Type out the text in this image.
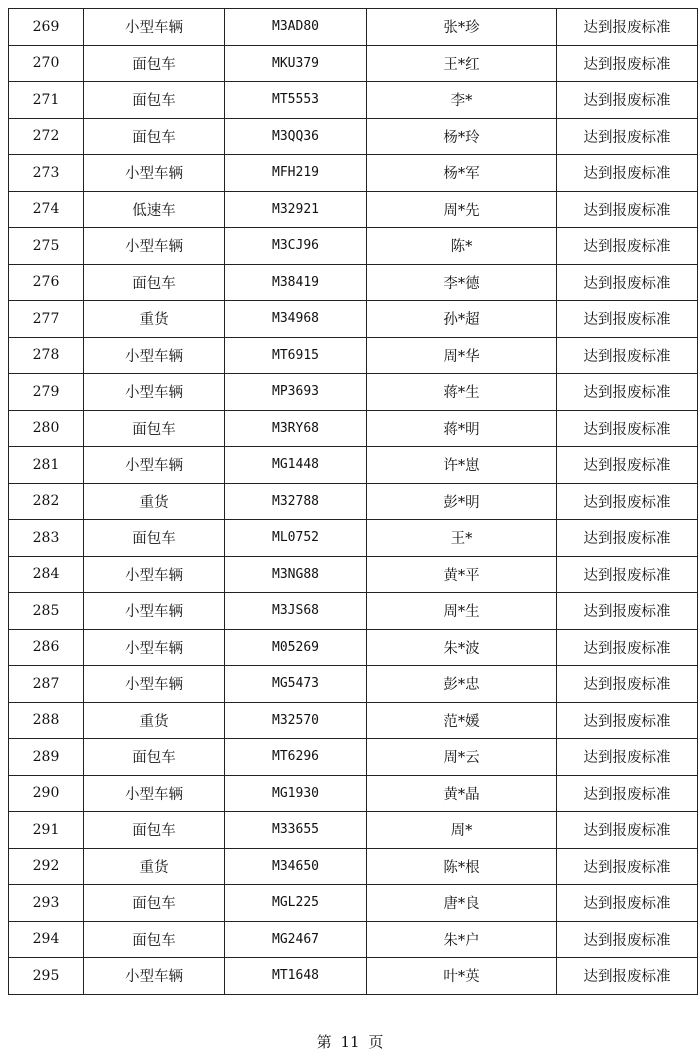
269	小型车辆	M3AD80	张*珍	达到报废标准
270	面包车	MKU379	王*红	达到报废标准
271	面包车	MT5553	李*	达到报废标准
272	面包车	M3QQ36	杨*玲	达到报废标准
273	小型车辆	MFH219	杨*军	达到报废标准
274	低速车	M32921	周*先	达到报废标准
275	小型车辆	M3CJ96	陈*	达到报废标准
276	面包车	M38419	李*德	达到报废标准
277	重货	M34968	孙*超	达到报废标准
278	小型车辆	MT6915	周*华	达到报废标准
279	小型车辆	MP3693	蒋*生	达到报废标准
280	面包车	M3RY68	蒋*明	达到报废标准
281	小型车辆	MG1448	许*崽	达到报废标准
282	重货	M32788	彭*明	达到报废标准
283	面包车	ML0752	王*	达到报废标准
284	小型车辆	M3NG88	黄*平	达到报废标准
285	小型车辆	M3JS68	周*生	达到报废标准
286	小型车辆	M05269	朱*波	达到报废标准
287	小型车辆	MG5473	彭*忠	达到报废标准
288	重货	M32570	范*媛	达到报废标准
289	面包车	MT6296	周*云	达到报废标准
290	小型车辆	MG1930	黄*晶	达到报废标准
291	面包车	M33655	周*	达到报废标准
292	重货	M34650	陈*根	达到报废标准
293	面包车	MGL225	唐*良	达到报废标准
294	面包车	MG2467	朱*户	达到报废标准
295	小型车辆	MT1648	叶*英	达到报废标准
第 11 页
